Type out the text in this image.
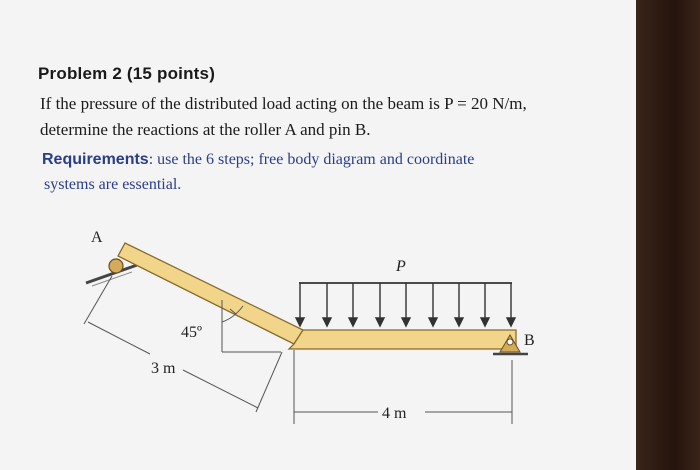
Problem 2 (15 points)
If the pressure of the distributed load acting on the beam is P = 20 N/m,
determine the reactions at the roller A and pin B.
Requirements: use the 6 steps; free body diagram and coordinate
systems are essential.
A
P
B
45º
3 m
4 m
